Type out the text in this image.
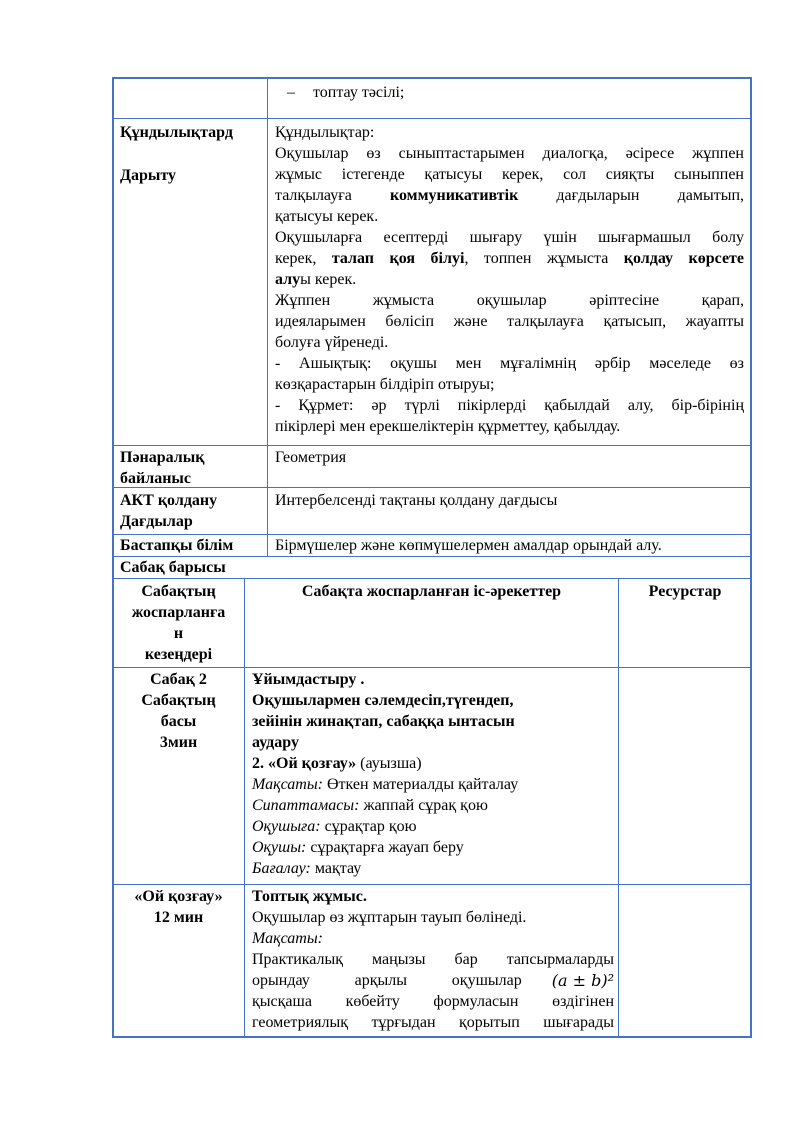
– топтау тәсілі;
Құндылықтард
Дарыту
Құндылықтар:
Оқушылар өз сыныптастарымен диалогқа, әсіресе жұппен
жұмыс істегенде қатысуы керек, сол сияқты сыныппен
талқылауға коммуникативтік дағдыларын дамытып,
қатысуы керек.
Оқушыларға есептерді шығару үшін шығармашыл болу
керек, талап қоя білуі, топпен жұмыста қолдау көрсете
алуы керек.
Жұппен жұмыста оқушылар әріптесіне қарап,
идеяларымен бөлісіп және талқылауға қатысып, жауапты
болуға үйренеді.
- Ашықтық: оқушы мен мұғалімнің әрбір мәселеде өз
көзқарастарын білдіріп отыруы;
- Құрмет: әр түрлі пікірлерді қабылдай алу, бір-бірінің
пікірлері мен ерекшеліктерін құрметтеу, қабылдау.
Пәнаралық
байланыс
Геометрия
АКТ қолдану
Дағдылар
Интербелсенді тақтаны қолдану дағдысы
Бастапқы білім	Бірмүшелер және көпмүшелермен амалдар орындай алу.
Сабақ барысы
Сабақтың
жоспарланға
н
кезеңдері
Сабақта жоспарланған іс-әрекеттер	Ресурстар
Сабақ 2
Сабақтың
басы
3мин
Ұйымдастыру .
Оқушылармен сәлемдесіп,түгендеп,
зейінін жинақтап, сабаққа ынтасын
аудару
2. «Ой қозғау» (ауызша)
Мақсаты: Өткен материалды қайталау
Сипаттамасы: жаппай сұрақ қою
Оқушыға: сұрақтар қою
Оқушы: сұрақтарға жауап беру
Бағалау: мақтау
«Ой қозғау»
12 мин
Топтық жұмыс.
Оқушылар өз жұптарын тауып бөлінеді.
Мақсаты:
Практикалық маңызы бар тапсырмаларды
орындау арқылы оқушылар (𝑎 ± 𝑏)²
қысқаша көбейту формуласын өздігінен
геометриялық тұрғыдан қорытып шығарады
